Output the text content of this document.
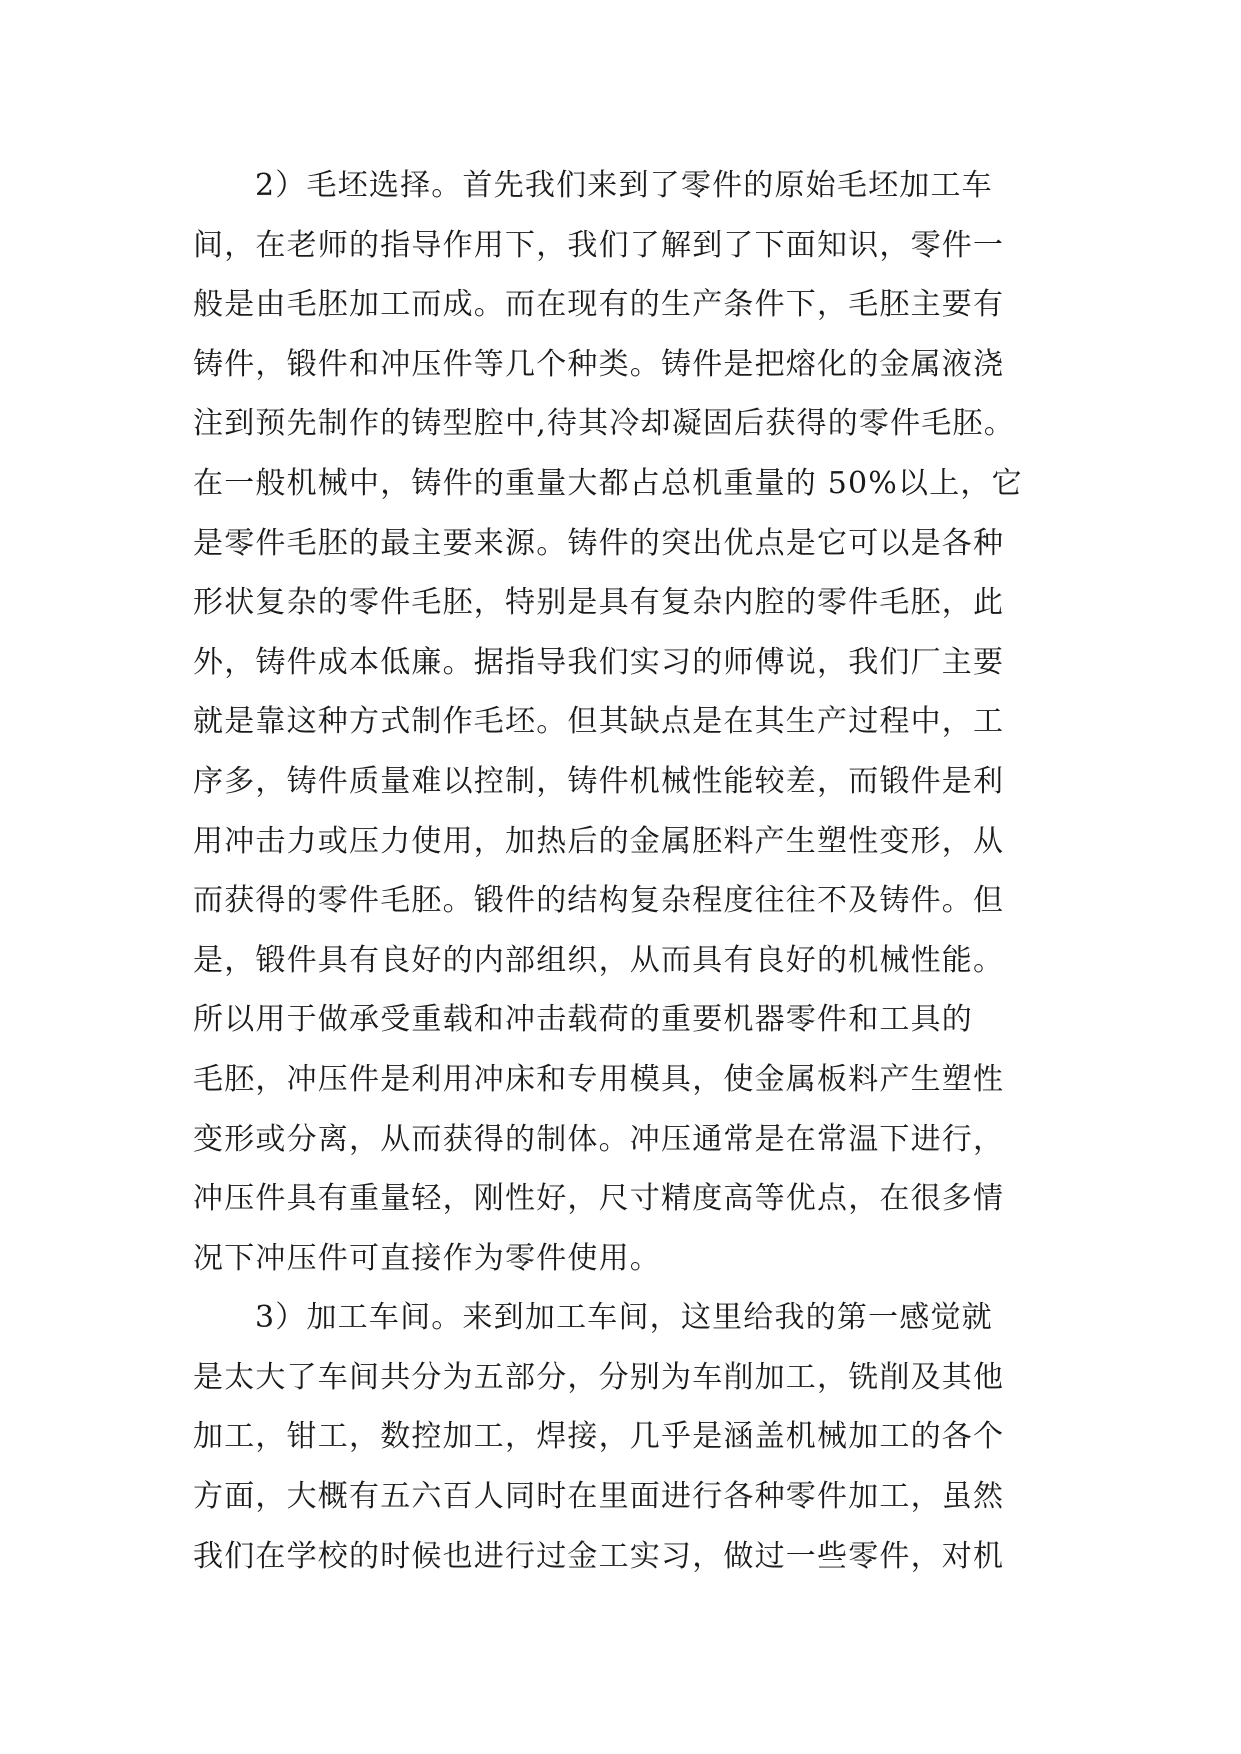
2）毛坯选择。首先我们来到了零件的原始毛坯加工车
间，在老师的指导作用下，我们了解到了下面知识，零件一
般是由毛胚加工而成。而在现有的生产条件下，毛胚主要有
铸件，锻件和冲压件等几个种类。铸件是把熔化的金属液浇
注到预先制作的铸型腔中,待其冷却凝固后获得的零件毛胚。
在一般机械中，铸件的重量大都占总机重量的 50%以上，它
是零件毛胚的最主要来源。铸件的突出优点是它可以是各种
形状复杂的零件毛胚，特别是具有复杂内腔的零件毛胚，此
外，铸件成本低廉。据指导我们实习的师傅说，我们厂主要
就是靠这种方式制作毛坯。但其缺点是在其生产过程中，工
序多，铸件质量难以控制，铸件机械性能较差，而锻件是利
用冲击力或压力使用，加热后的金属胚料产生塑性变形，从
而获得的零件毛胚。锻件的结构复杂程度往往不及铸件。但
是，锻件具有良好的内部组织，从而具有良好的机械性能。
所以用于做承受重载和冲击载荷的重要机器零件和工具的
毛胚，冲压件是利用冲床和专用模具，使金属板料产生塑性
变形或分离，从而获得的制体。冲压通常是在常温下进行，
冲压件具有重量轻，刚性好，尺寸精度高等优点，在很多情
况下冲压件可直接作为零件使用。
3）加工车间。来到加工车间，这里给我的第一感觉就
是太大了车间共分为五部分，分别为车削加工，铣削及其他
加工，钳工，数控加工，焊接，几乎是涵盖机械加工的各个
方面，大概有五六百人同时在里面进行各种零件加工，虽然
我们在学校的时候也进行过金工实习，做过一些零件，对机
